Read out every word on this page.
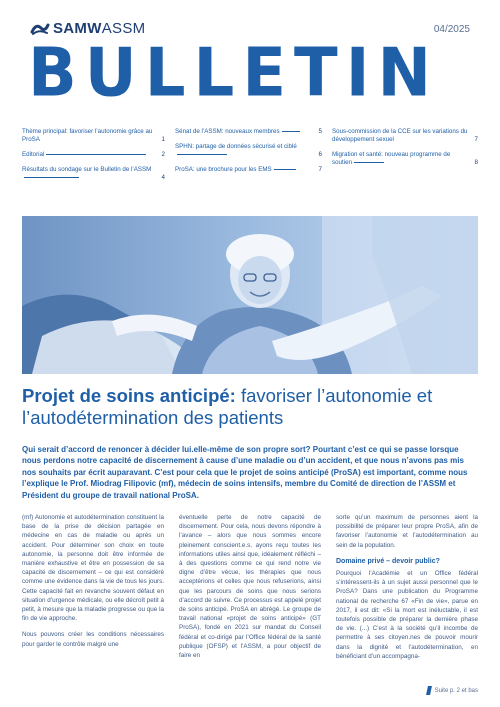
SAMWASSM	04/2025
BULLETIN
Thème principal: favoriser l’autonomie grâce au ProSA	1
Editorial	2
Résultats du sondage sur le Bulletin de l’ASSM
4
Sénat de l’ASSM: nouveaux membres	5
SPHN: partage de données sécurisé et ciblé
6
ProSA: une brochure pour les EMS	7
Sous-commission de la CCE sur les variations du développement sexuel	7
Migration et santé: nouveau programme de soutien	8
Projet de soins anticipé: favoriser l’autonomie et l’autodétermination des patients
Qui serait d’accord de renoncer à décider lui.elle-même de son propre sort? Pourtant c’est ce qui se passe lorsque nous perdons notre capacité de discernement à cause d’une maladie ou d’un accident, et que nous n’avons pas mis nos souhaits par écrit auparavant. C’est pour cela que le projet de soins anticipé (ProSA) est important, comme nous l’explique le Prof. Miodrag Filipovic (mf), médecin de soins intensifs, membre du Comité de direction de l’ASSM et Président du groupe de travail national ProSA.

(mf) Autonomie et autodétermination constituent la base de la prise de décision partagée en médecine en cas de maladie ou après un accident. Pour déterminer son choix en toute autonomie, la personne doit être informée de manière exhaustive et être en possession de sa capacité de discernement – ce qui est considéré comme une évidence dans la vie de tous les jours. Cette capacité fait en revanche souvent défaut en situation d’urgence médicale, ou elle décroît petit à petit, à mesure que la maladie progresse ou que la fin de vie approche.

Nous pouvons créer les conditions nécessaires pour garder le contrôle malgré une

éventuelle perte de notre capacité de discernement. Pour cela, nous devons répondre à l’avance – alors que nous sommes encore pleinement conscient.e.s, ayons reçu toutes les informations utiles ainsi que, idéalement réfléchi – à des questions comme ce qui rend notre vie digne d’être vécue, les thérapies que nous acceptérions et celles que nous refuserions, ainsi que les parcours de soins que nous serions d’accord de suivre. Ce processus est appelé projet de soins anticipé. ProSA en abrégé. Le groupe de travail national «projet de soins anticipé» (GT ProSA), fondé en 2021 sur mandat du Conseil fédéral et co-dirigé par l’Office fédéral de la santé publique (OFSP) et l’ASSM, a pour objectif de faire en

sorte qu’un maximum de personnes aient la possibilité de préparer leur propre ProSA, afin de favoriser l’autonomie et l’autodétermination au sein de la population.

Domaine privé – devoir public?

Pourquoi l’Académie et un Office fédéral s’intéressent-ils à un sujet aussi personnel que le ProSA? Dans une publication du Programme national de recherche 67 «Fin de vie», parue en 2017, il est dit: «Si la mort est inéluctable, il est toutefois possible de préparer la dernière phase de vie. (...) C’est à la société qu’il incombe de permettre à ses citoyen.nes de pouvoir mourir dans la dignité et l’autodétermination, en bénéficiant d’un accompagna-

Suite p. 2 et bas
